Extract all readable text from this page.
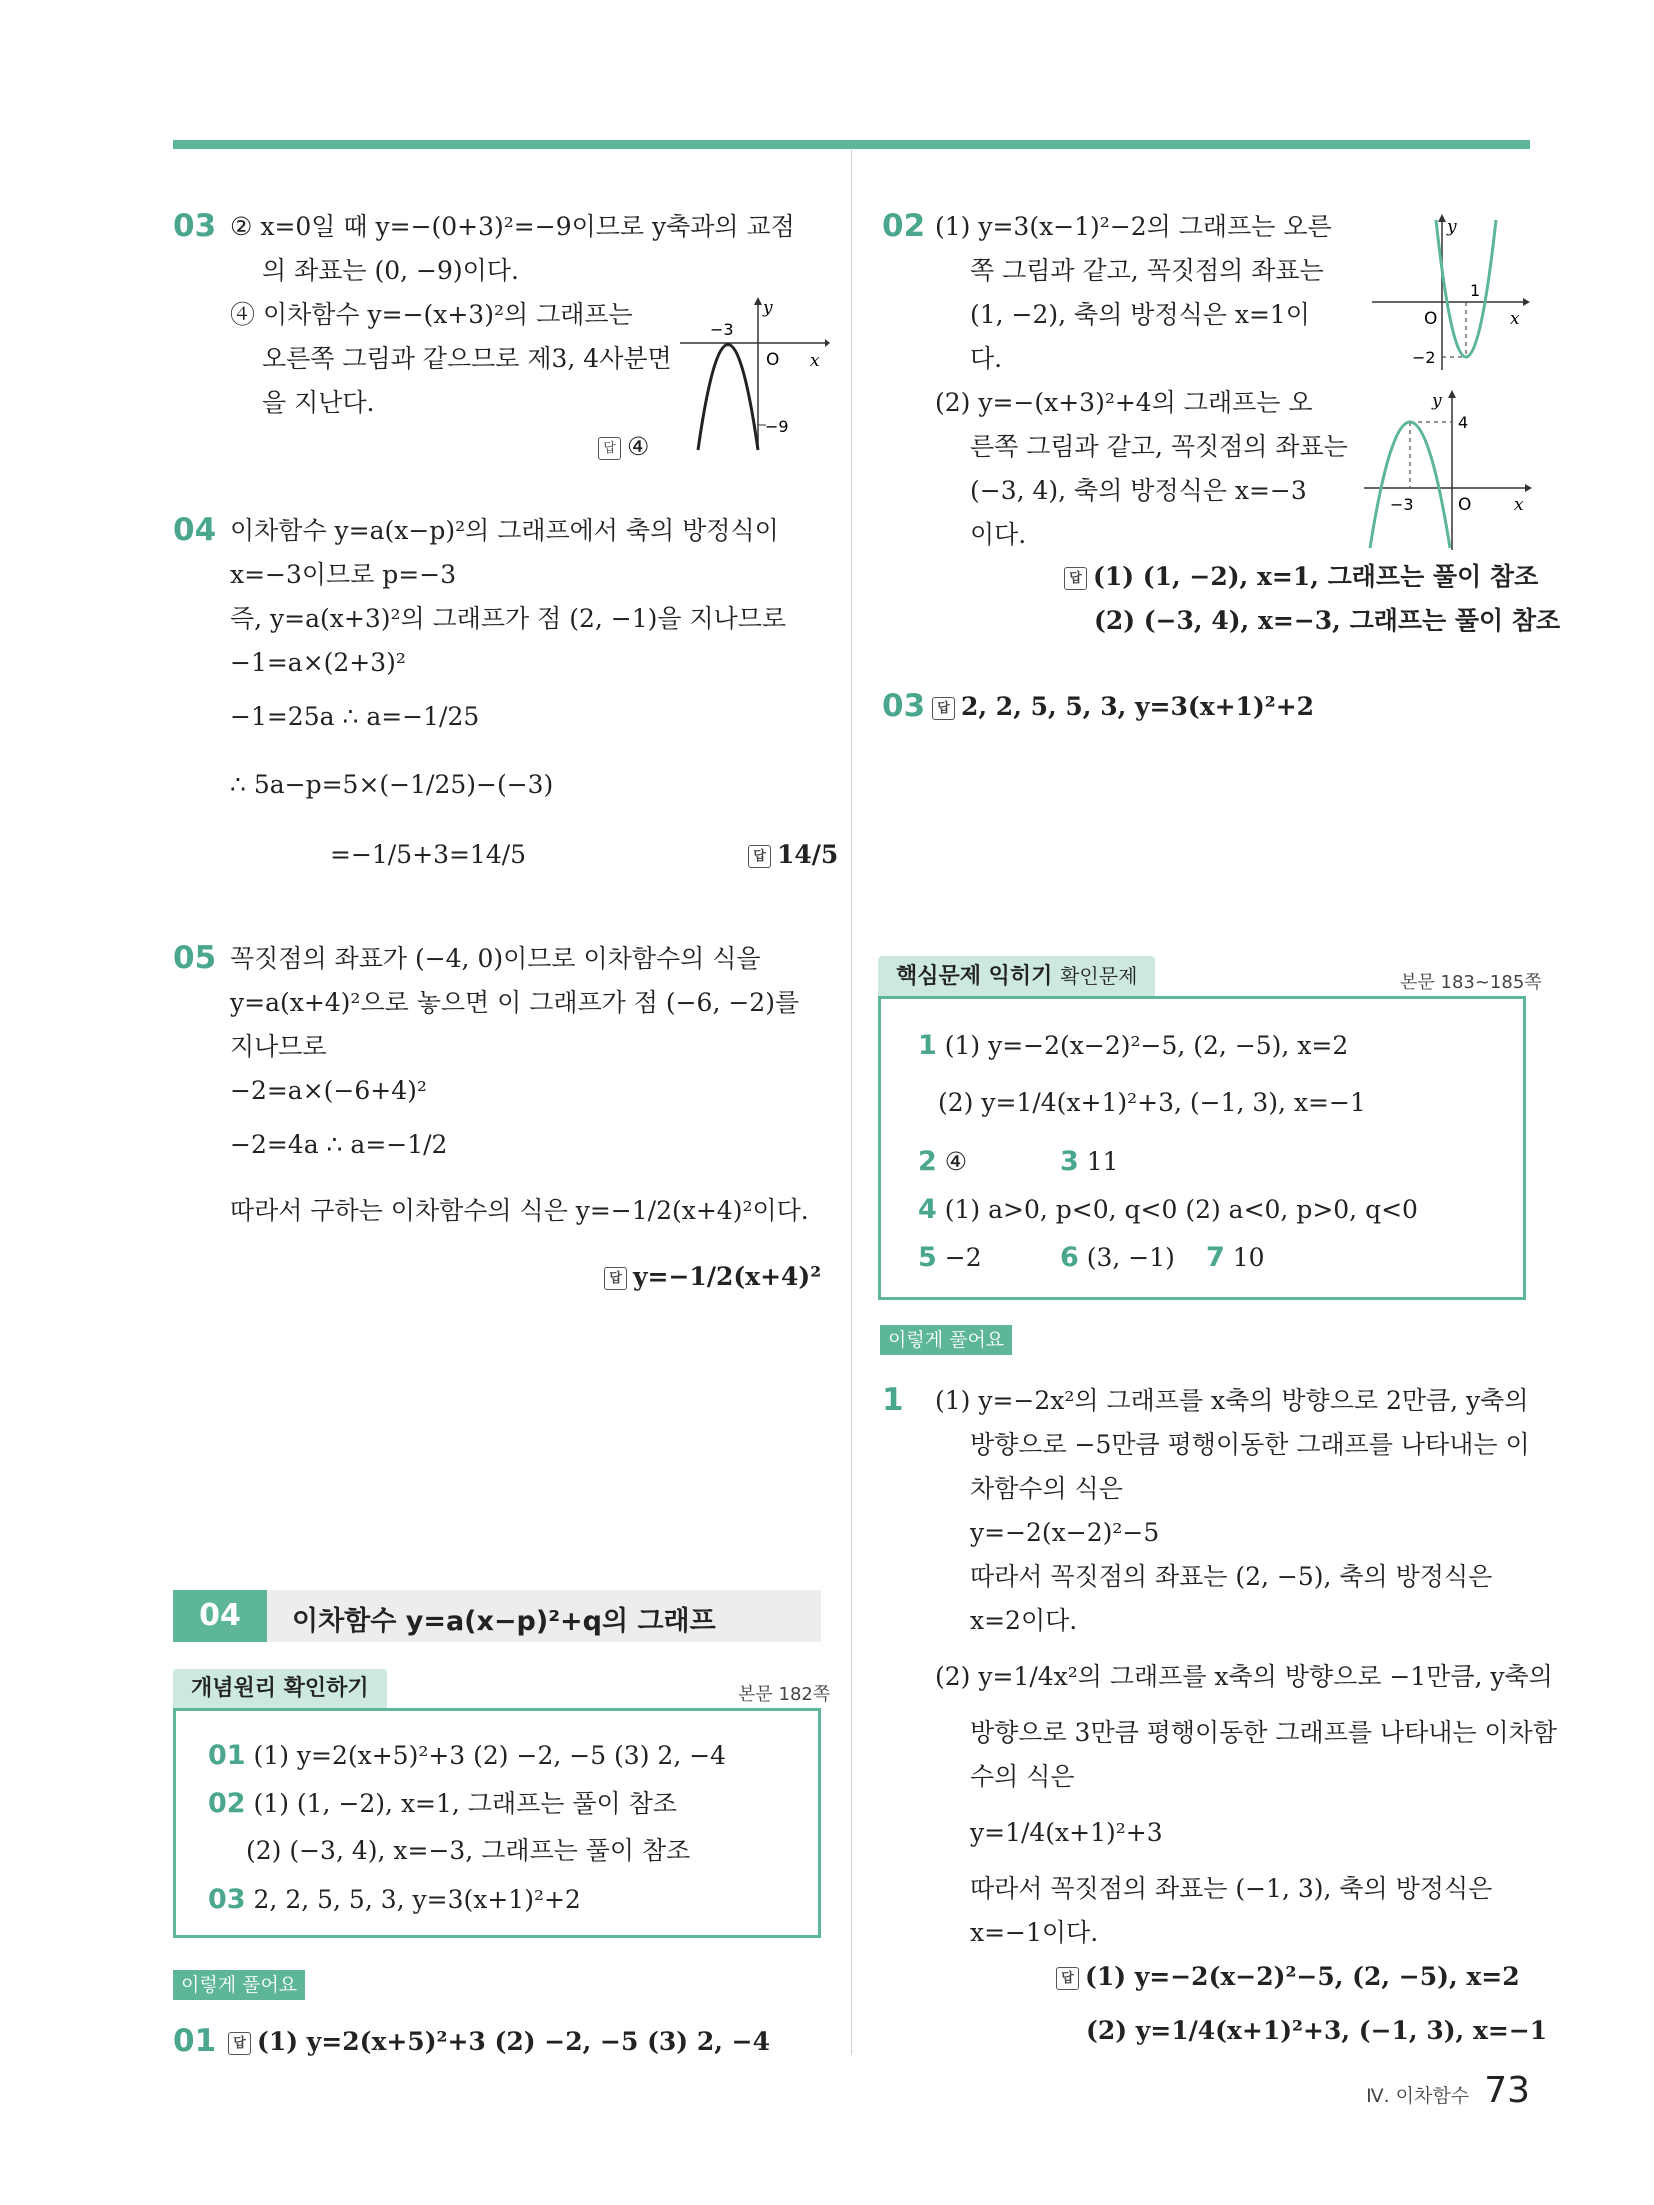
03 ② x=0일 때 y=−(0+3)²=−9이므로 y축과의 교점
의 좌표는 (0, −9)이다.
④ 이차함수 y=−(x+3)²의 그래프는
오른쪽 그림과 같으므로 제3, 4사분면
을 지난다.
답 ④
y
O x
−3
−9
04 이차함수 y=a(x−p)²의 그래프에서 축의 방정식이
x=−3이므로 p=−3
즉, y=a(x+3)²의 그래프가 점 (2, −1)을 지나므로
−1=a×(2+3)²
−1=25a ∴ a=−1/25
∴ 5a−p=5×(−1/25)−(−3)
=−1/5+3=14/5	답 14/5
05 꼭짓점의 좌표가 (−4, 0)이므로 이차함수의 식을
y=a(x+4)²으로 놓으면 이 그래프가 점 (−6, −2)를
지나므로
−2=a×(−6+4)²
−2=4a ∴ a=−1/2
따라서 구하는 이차함수의 식은 y=−1/2(x+4)²이다.
답 y=−1/2(x+4)²
04	이차함수 y=a(x−p)²+q의 그래프
개념원리 확인하기	본문 182쪽
01 (1) y=2(x+5)²+3 (2) −2, −5 (3) 2, −4
02 (1) (1, −2), x=1, 그래프는 풀이 참조
(2) (−3, 4), x=−3, 그래프는 풀이 참조
03 2, 2, 5, 5, 3, y=3(x+1)²+2
이렇게 풀어요
01	답 (1) y=2(x+5)²+3 (2) −2, −5 (3) 2, −4
02 (1) y=3(x−1)²−2의 그래프는 오른
쪽 그림과 같고, 꼭짓점의 좌표는
(1, −2), 축의 방정식은 x=1이
다.
(2) y=−(x+3)²+4의 그래프는 오
른쪽 그림과 같고, 꼭짓점의 좌표는
(−3, 4), 축의 방정식은 x=−3
이다.
답 (1) (1, −2), x=1, 그래프는 풀이 참조
(2) (−3, 4), x=−3, 그래프는 풀이 참조
y
O	x
1
−2
y
O	x
4
−3
03 답 2, 2, 5, 5, 3, y=3(x+1)²+2
핵심문제 익히기 확인문제	본문 183~185쪽
1 (1) y=−2(x−2)²−5, (2, −5), x=2
(2) y=1/4(x+1)²+3, (−1, 3), x=−1
2 ④	3 11
4 (1) a>0, p<0, q<0 (2) a<0, p>0, q<0
5 −2	6 (3, −1) 7 10
이렇게 풀어요
1 (1) y=−2x²의 그래프를 x축의 방향으로 2만큼, y축의
방향으로 −5만큼 평행이동한 그래프를 나타내는 이
차함수의 식은
y=−2(x−2)²−5
따라서 꼭짓점의 좌표는 (2, −5), 축의 방정식은
x=2이다.
(2) y=1/4x²의 그래프를 x축의 방향으로 −1만큼, y축의
방향으로 3만큼 평행이동한 그래프를 나타내는 이차함
수의 식은
y=1/4(x+1)²+3
따라서 꼭짓점의 좌표는 (−1, 3), 축의 방정식은
x=−1이다.
답 (1) y=−2(x−2)²−5, (2, −5), x=2
(2) y=1/4(x+1)²+3, (−1, 3), x=−1
Ⅳ. 이차함수 73
